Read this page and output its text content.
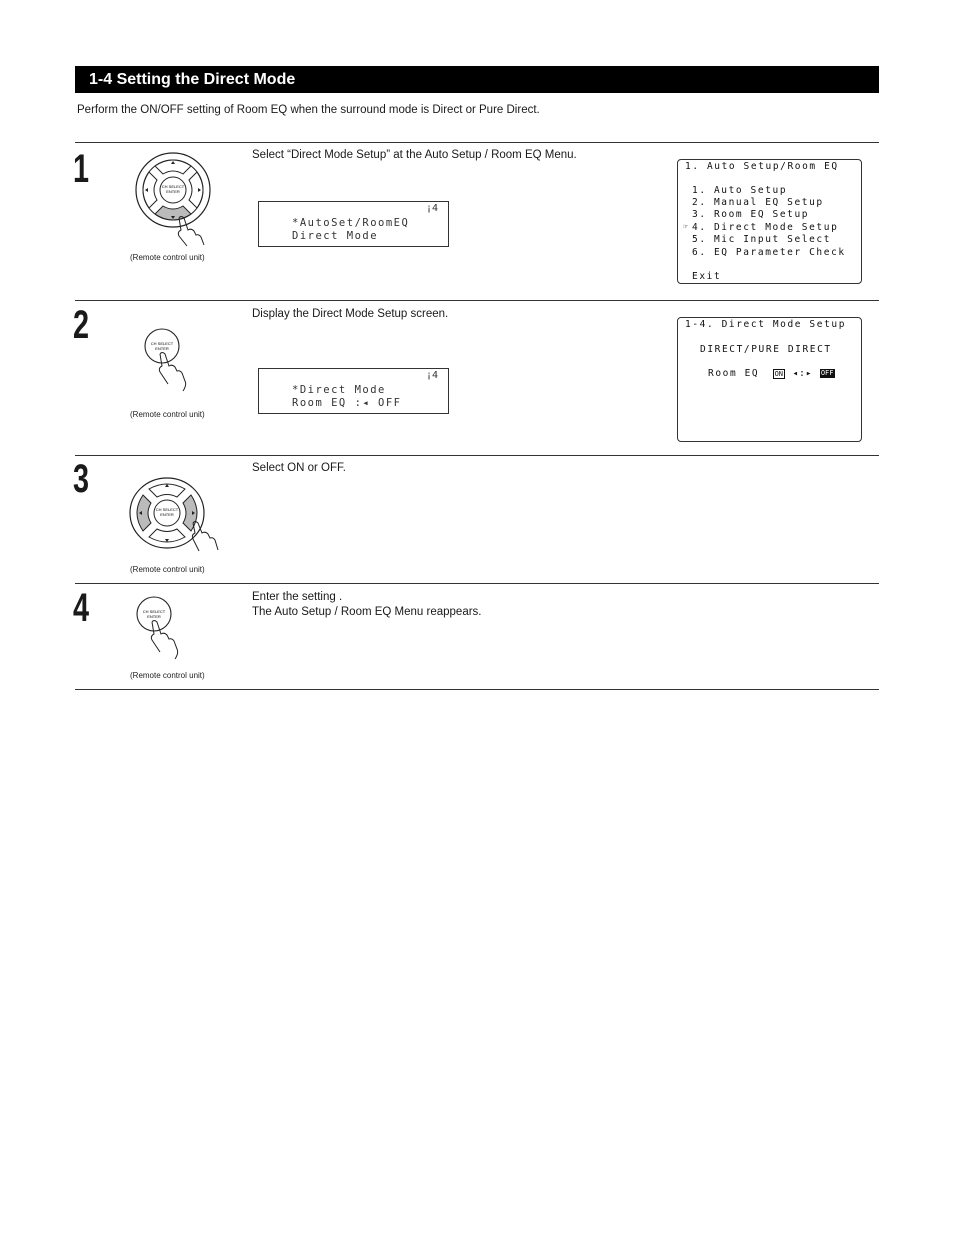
1-4 Setting the Direct Mode
Perform the ON/OFF setting of Room EQ when the surround mode is Direct or Pure Direct.
1	CH SELECT
ENTER
(Remote control unit)
Select “Direct Mode Setup” at the Auto Setup / Room EQ Menu.
¡4
*AutoSet/RoomEQ
Direct Mode
1. Auto Setup/Room EQ
1. Auto Setup
2. Manual EQ Setup
3. Room EQ Setup
☞ 4. Direct Mode Setup
5. Mic Input Select
6. EQ Parameter Check
Exit
2	CH SELECT
ENTER
(Remote control unit)
Display the Direct Mode Setup screen.
¡4
*Direct Mode
Room EQ :◂ OFF
1-4. Direct Mode Setup
DIRECT/PURE DIRECT
Room EQ ON ◂:▸ OFF
3
CH SELECT
ENTER
(Remote control unit)
Select ON or OFF.
4	CH SELECT
ENTER
(Remote control unit)
Enter the setting .
The Auto Setup / Room EQ Menu reappears.
